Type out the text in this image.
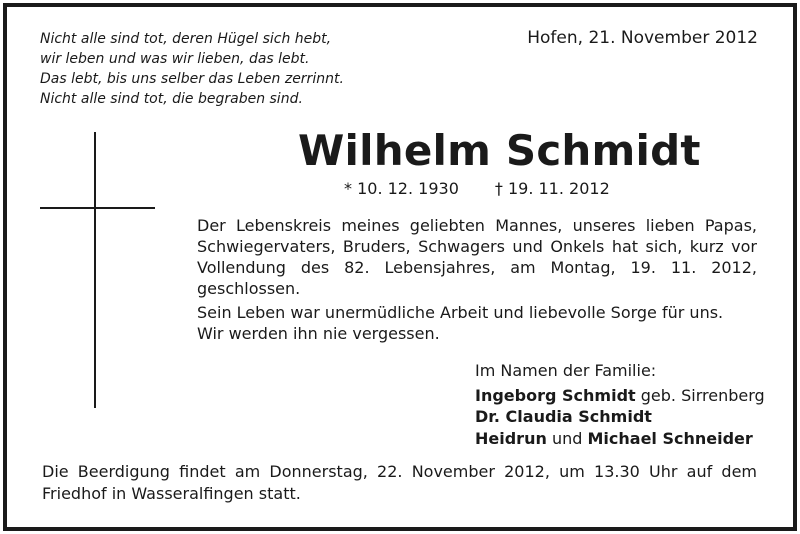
Nicht alle sind tot, deren Hügel sich hebt,
wir leben und was wir lieben, das lebt.
Das lebt, bis uns selber das Leben zerrinnt.
Nicht alle sind tot, die begraben sind.
Hofen, 21. November 2012
Wilhelm Schmidt
* 10. 12. 1930 † 19. 11. 2012

Der Lebenskreis meines geliebten Mannes, unseres lieben Papas, Schwiegervaters, Bruders, Schwagers und Onkels hat sich, kurz vor Vollendung des 82. Lebensjahres, am Montag, 19. 11. 2012, geschlossen.

Sein Leben war unermüdliche Arbeit und liebevolle Sorge für uns.
Wir werden ihn nie vergessen.

Im Namen der Familie:
Ingeborg Schmidt geb. Sirrenberg
Dr. Claudia Schmidt
Heidrun und Michael Schneider
Die Beerdigung findet am Donnerstag, 22. November 2012, um 13.30 Uhr auf dem Friedhof in Wasseralfingen statt.
